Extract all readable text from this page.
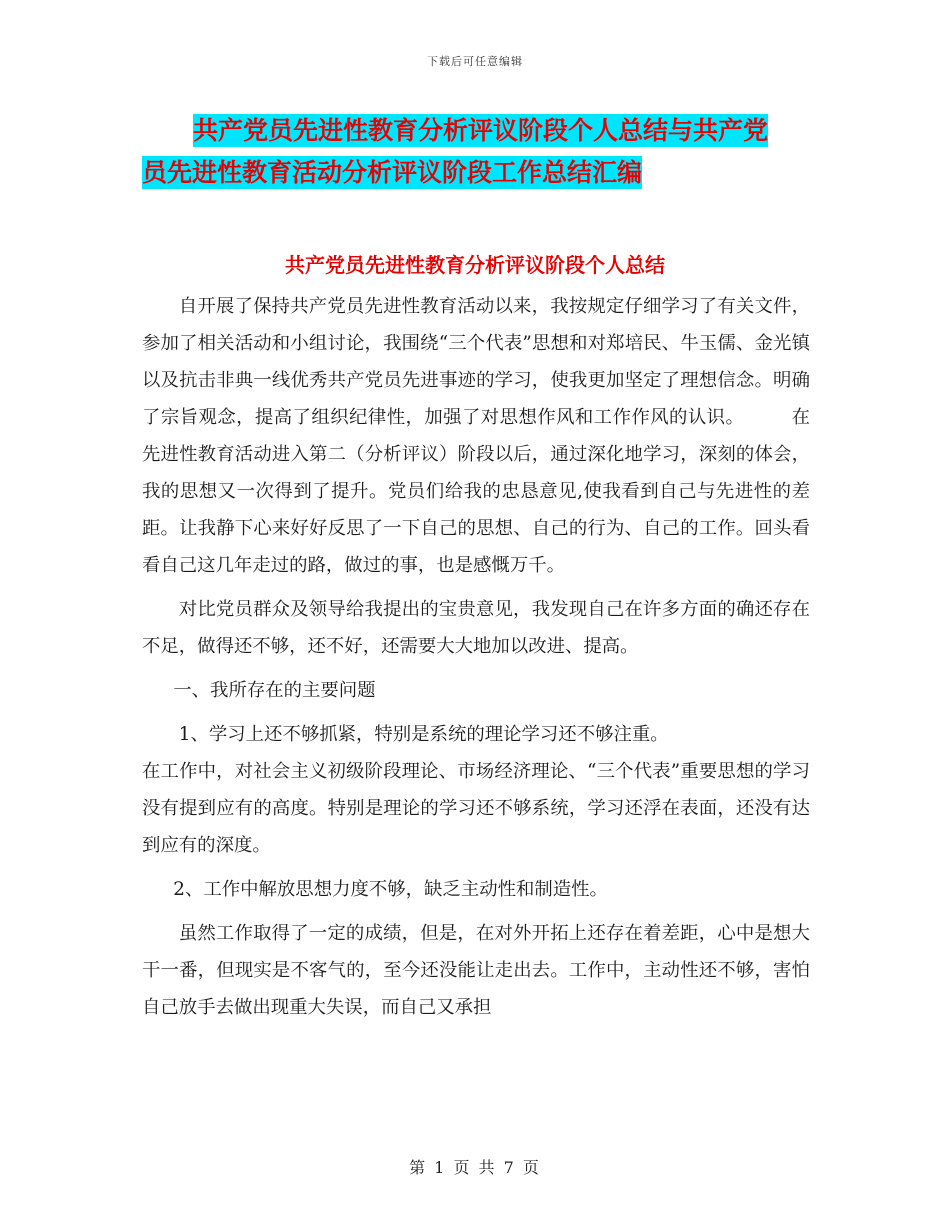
下载后可任意编辑
共产党员先进性教育分析评议阶段个人总结与共产党
员先进性教育活动分析评议阶段工作总结汇编
共产党员先进性教育分析评议阶段个人总结

自开展了保持共产党员先进性教育活动以来，我按规定仔细学习了有关文件，参加了相关活动和小组讨论，我围绕“三个代表”思想和对郑培民、牛玉儒、金光镇以及抗击非典一线优秀共产党员先进事迹的学习，使我更加坚定了理想信念。明确了宗旨观念，提高了组织纪律性，加强了对思想作风和工作作风的认识。　　　在先进性教育活动进入第二（分析评议）阶段以后，通过深化地学习，深刻的体会，我的思想又一次得到了提升。党员们给我的忠恳意见,使我看到自己与先进性的差距。让我静下心来好好反思了一下自己的思想、自己的行为、自己的工作。回头看看自己这几年走过的路，做过的事，也是感慨万千。

对比党员群众及领导给我提出的宝贵意见，我发现自己在许多方面的确还存在不足，做得还不够，还不好，还需要大大地加以改进、提高。

一、我所存在的主要问题

1、学习上还不够抓紧，特别是系统的理论学习还不够注重。

在工作中，对社会主义初级阶段理论、市场经济理论、“三个代表”重要思想的学习没有提到应有的高度。特别是理论的学习还不够系统，学习还浮在表面，还没有达到应有的深度。

2、工作中解放思想力度不够，缺乏主动性和制造性。

虽然工作取得了一定的成绩，但是，在对外开拓上还存在着差距，心中是想大干一番，但现实是不客气的，至今还没能让走出去。工作中，主动性还不够，害怕自己放手去做出现重大失误，而自己又承担

第 1 页 共 7 页
